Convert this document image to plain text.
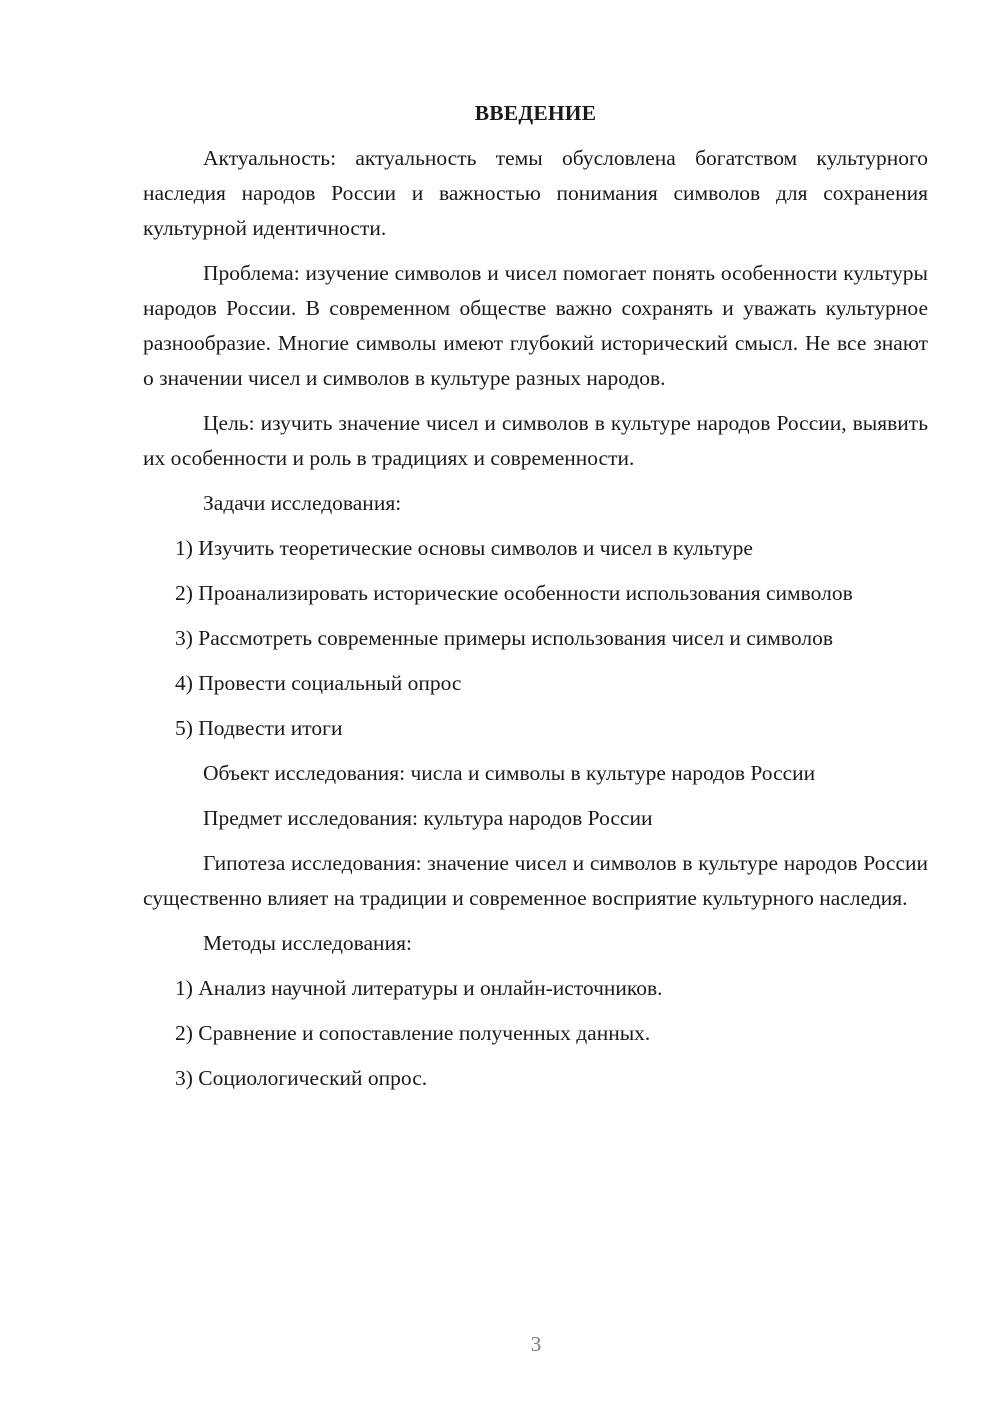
ВВЕДЕНИЕ

Актуальность: актуальность темы обусловлена богатством культурного наследия народов России и важностью понимания символов для сохранения культурной идентичности.

Проблема: изучение символов и чисел помогает понять особенности культуры народов России. В современном обществе важно сохранять и уважать культурное разнообразие. Многие символы имеют глубокий исторический смысл. Не все знают о значении чисел и символов в культуре разных народов.

Цель: изучить значение чисел и символов в культуре народов России, выявить их особенности и роль в традициях и современности.

Задачи исследования:

1) Изучить теоретические основы символов и чисел в культуре

2) Проанализировать исторические особенности использования символов

3) Рассмотреть современные примеры использования чисел и символов

4) Провести социальный опрос

5) Подвести итоги

Объект исследования: числа и символы в культуре народов России

Предмет исследования: культура народов России

Гипотеза исследования: значение чисел и символов в культуре народов России существенно влияет на традиции и современное восприятие культурного наследия.

Методы исследования:

1) Анализ научной литературы и онлайн-источников.

2) Сравнение и сопоставление полученных данных.

3) Социологический опрос.

3
